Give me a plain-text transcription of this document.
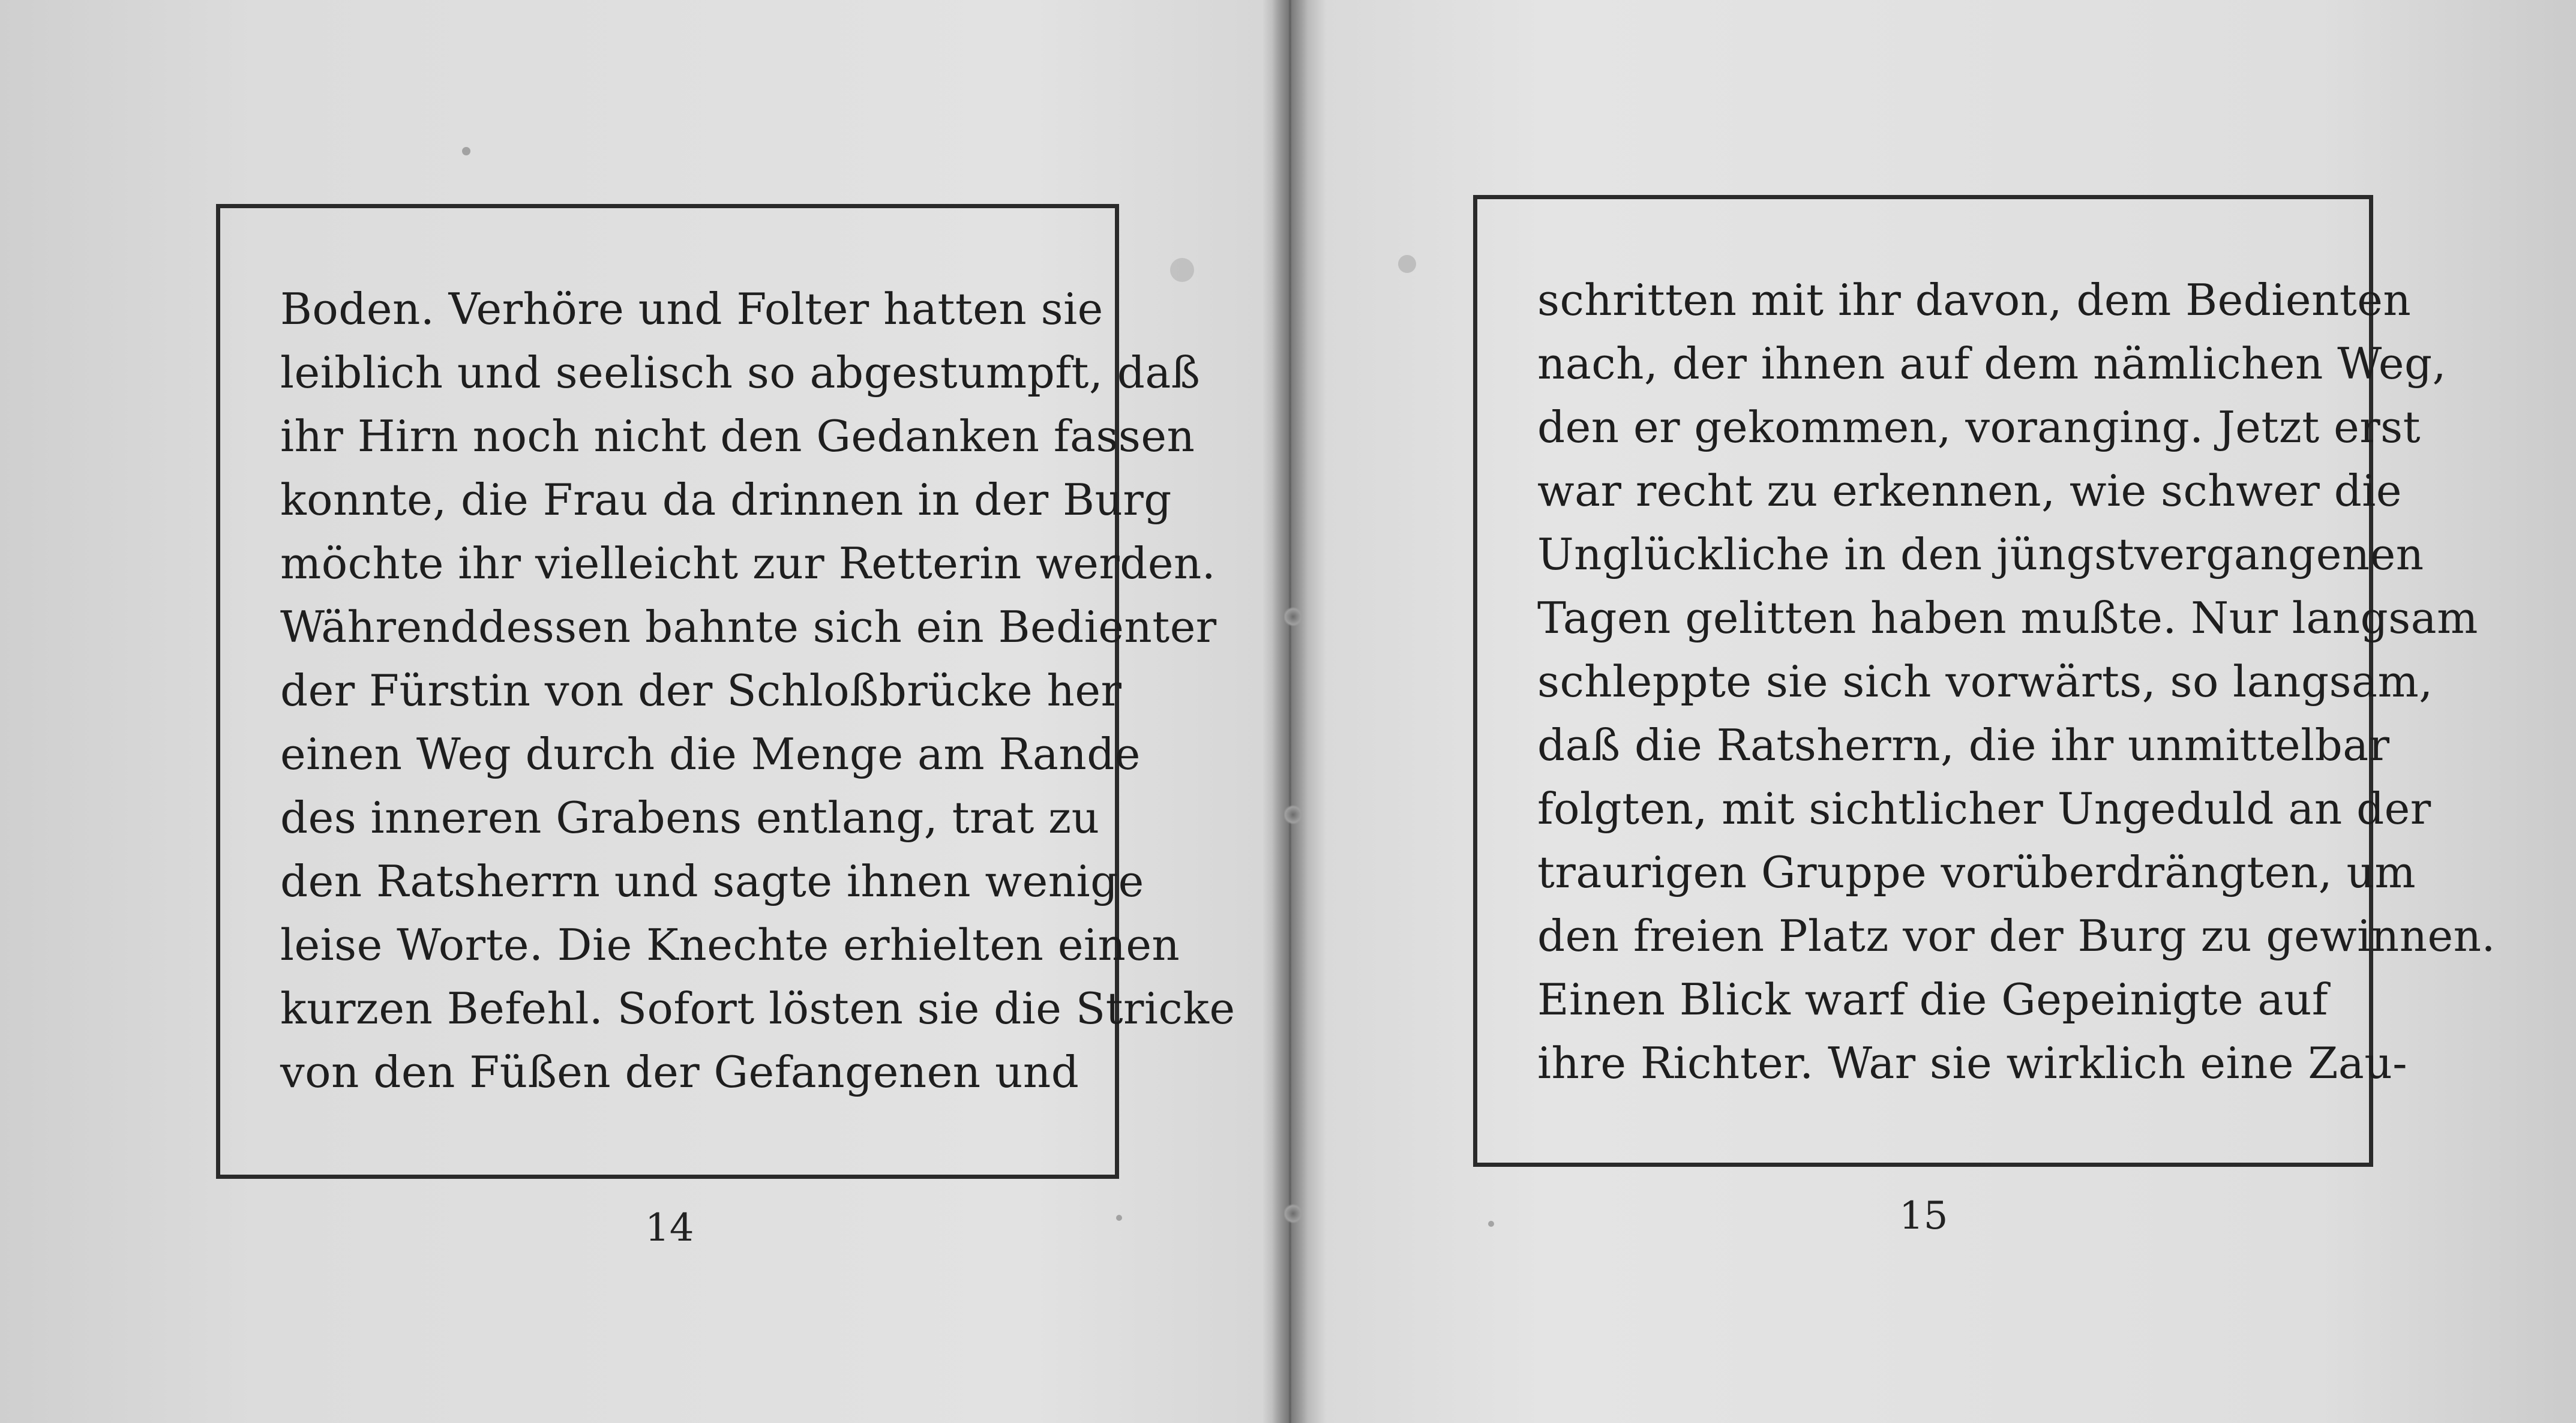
Boden. Verhöre und Folter hatten sie
leiblich und seelisch so abgestumpft, daß
ihr Hirn noch nicht den Gedanken fassen
konnte, die Frau da drinnen in der Burg
möchte ihr vielleicht zur Retterin werden.
Währenddessen bahnte sich ein Bedienter
der Fürstin von der Schloßbrücke her
einen Weg durch die Menge am Rande
des inneren Grabens entlang, trat zu
den Ratsherrn und sagte ihnen wenige
leise Worte. Die Knechte erhielten einen
kurzen Befehl. Sofort lösten sie die Stricke
von den Füßen der Gefangenen und
14
schritten mit ihr davon, dem Bedienten
nach, der ihnen auf dem nämlichen Weg,
den er gekommen, voranging. Jetzt erst
war recht zu erkennen, wie schwer die
Unglückliche in den jüngstvergangenen
Tagen gelitten haben mußte. Nur langsam
schleppte sie sich vorwärts, so langsam,
daß die Ratsherrn, die ihr unmittelbar
folgten, mit sichtlicher Ungeduld an der
traurigen Gruppe vorüberdrängten, um
den freien Platz vor der Burg zu gewinnen.
Einen Blick warf die Gepeinigte auf
ihre Richter. War sie wirklich eine Zau-
15
